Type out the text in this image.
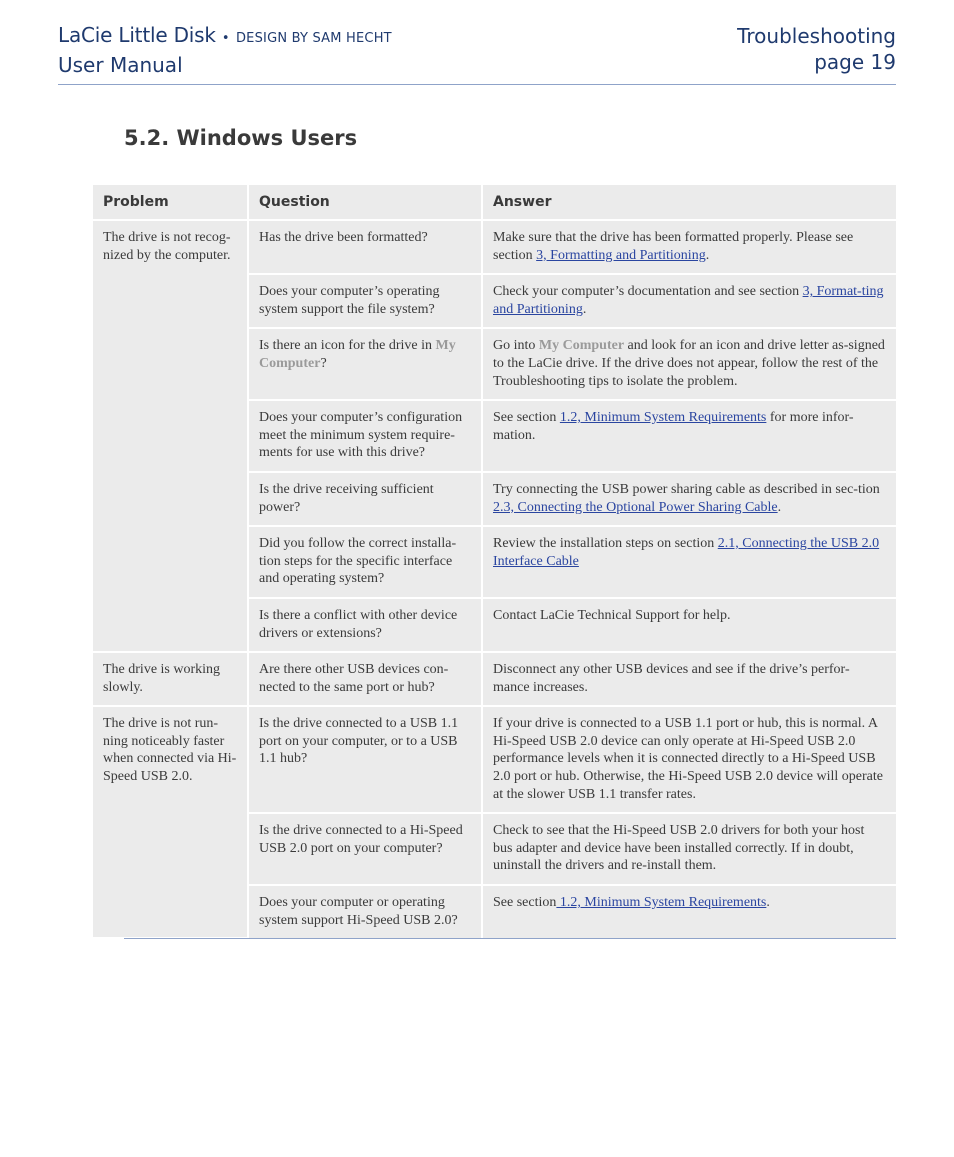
LaCie Little Disk • DESIGN BY SAM HECHT
User Manual
Troubleshooting
page 19
5.2. Windows Users
Problem	Question	Answer
The drive is not recog-nized by the computer.	Has the drive been formatted?	Make sure that the drive has been formatted properly. Please see section 3, Formatting and Partitioning.
	Does your computer’s operating system support the file system?	Check your computer’s documentation and see section 3, Format-ting and Partitioning.
	Is there an icon for the drive in My Computer?	Go into My Computer and look for an icon and drive letter as-signed to the LaCie drive. If the drive does not appear, follow the rest of the Troubleshooting tips to isolate the problem.
	Does your computer’s configuration meet the minimum system require-ments for use with this drive?	See section 1.2, Minimum System Requirements for more infor-mation.
	Is the drive receiving sufficient power?	Try connecting the USB power sharing cable as described in sec-tion 2.3, Connecting the Optional Power Sharing Cable.
	Did you follow the correct installa-tion steps for the specific interface and operating system?	Review the installation steps on section 2.1, Connecting the USB 2.0 Interface Cable
	Is there a conflict with other device drivers or extensions?	Contact LaCie Technical Support for help.
The drive is working slowly.	Are there other USB devices con-nected to the same port or hub?	Disconnect any other USB devices and see if the drive’s perfor-mance increases.
The drive is not run-ning noticeably faster when connected via Hi-Speed USB 2.0.	Is the drive connected to a USB 1.1 port on your computer, or to a USB 1.1 hub?	If your drive is connected to a USB 1.1 port or hub, this is normal. A Hi-Speed USB 2.0 device can only operate at Hi-Speed USB 2.0 performance levels when it is connected directly to a Hi-Speed USB 2.0 port or hub. Otherwise, the Hi-Speed USB 2.0 device will operate at the slower USB 1.1 transfer rates.
	Is the drive connected to a Hi-Speed USB 2.0 port on your computer?	Check to see that the Hi-Speed USB 2.0 drivers for both your host bus adapter and device have been installed correctly. If in doubt, uninstall the drivers and re-install them.
	Does your computer or operating system support Hi-Speed USB 2.0?	See section 1.2, Minimum System Requirements.
